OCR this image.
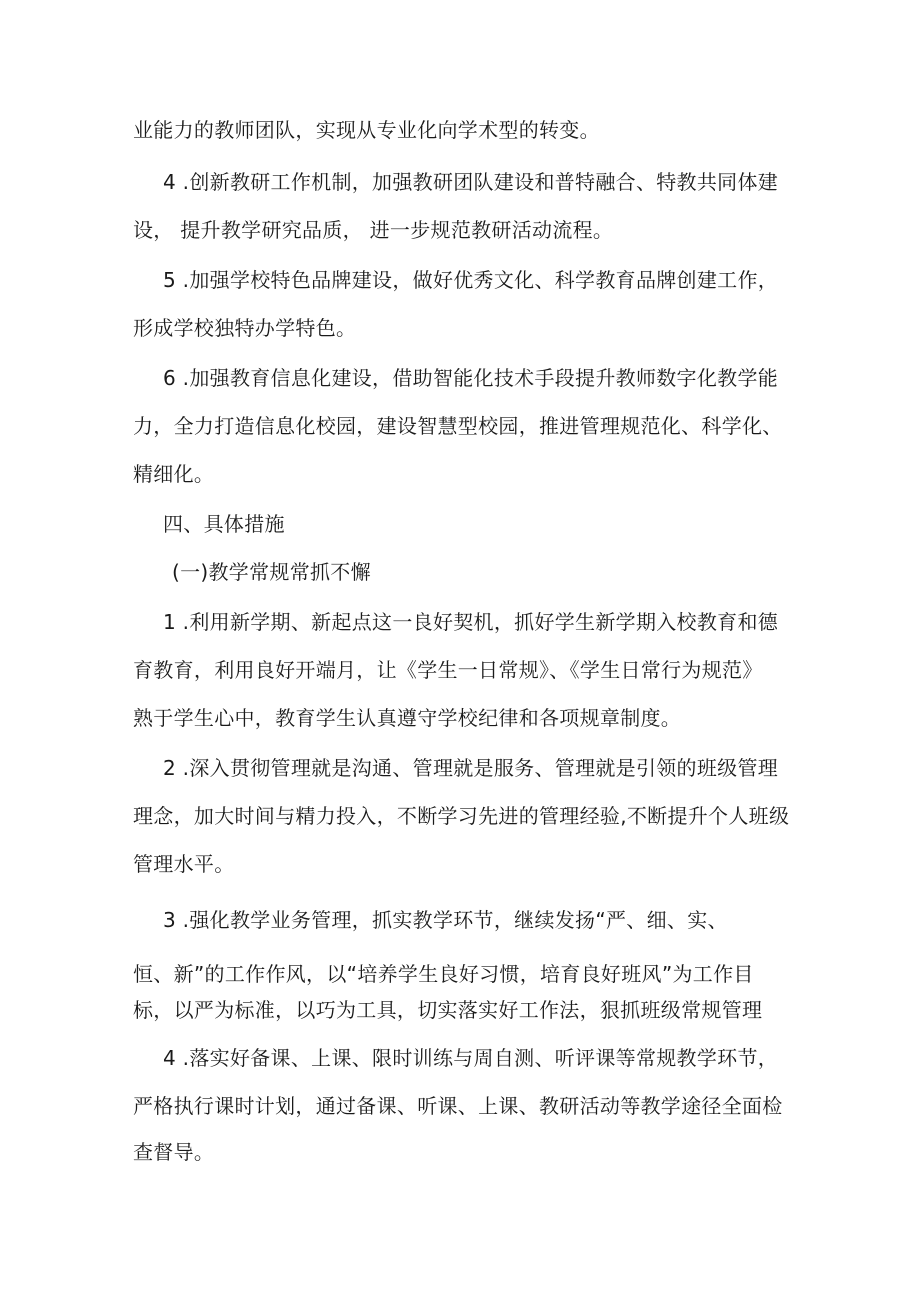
业能力的教师团队，实现从专业化向学术型的转变。
4 .创新教研工作机制，加强教研团队建设和普特融合、特教共同体建
设， 提升教学研究品质， 进一步规范教研活动流程。
5 .加强学校特色品牌建设，做好优秀文化、科学教育品牌创建工作，
形成学校独特办学特色。
6 .加强教育信息化建设，借助智能化技术手段提升教师数字化教学能
力，全力打造信息化校园，建设智慧型校园，推进管理规范化、科学化、
精细化。
四、具体措施
(一)教学常规常抓不懈
1 .利用新学期、新起点这一良好契机，抓好学生新学期入校教育和德
育教育，利用良好开端月，让《学生一日常规》、《学生日常行为规范》
熟于学生心中，教育学生认真遵守学校纪律和各项规章制度。
2 .深入贯彻管理就是沟通、管理就是服务、管理就是引领的班级管理
理念，加大时间与精力投入，不断学习先进的管理经验,不断提升个人班级
管理水平。
3 .强化教学业务管理，抓实教学环节，继续发扬“严、细、实、
恒、新”的工作作风，以“培养学生良好习惯，培育良好班风”为工作目
标，以严为标准，以巧为工具，切实落实好工作法，狠抓班级常规管理
4 .落实好备课、上课、限时训练与周自测、听评课等常规教学环节，
严格执行课时计划，通过备课、听课、上课、教研活动等教学途径全面检
查督导。
